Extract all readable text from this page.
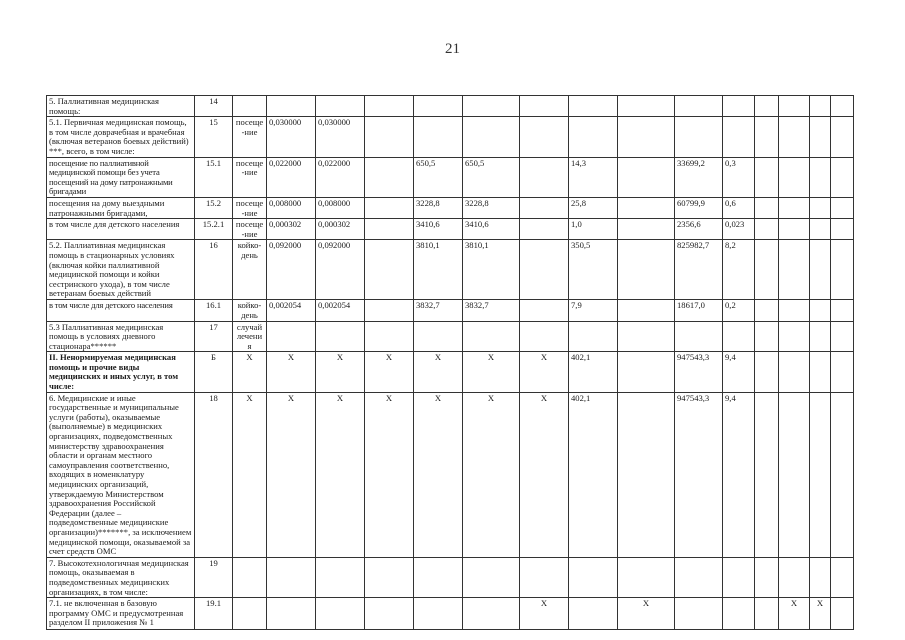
21
5. Паллиативная медицинская помощь:	14															
5.1. Первичная медицинская помощь, в том числе доврачебная и врачебная (включая ветеранов боевых действий) ***, всего, в том числе:	15	посеще-ние	0,030000	0,030000												
посещение по паллиативной медицинской помощи без учета посещений на дому патронажными бригадами	15.1	посеще-ние	0,022000	0,022000		650,5	650,5		14,3		33699,2	0,3				
посещения на дому выездными патронажными бригадами,	15.2	посеще-ние	0,008000	0,008000		3228,8	3228,8		25,8		60799,9	0,6				
в том числе для детского населения	15.2.1	посеще-ние	0,000302	0,000302		3410,6	3410,6		1,0		2356,6	0,023				
5.2. Паллиативная медицинская помощь в стационарных условиях (включая койки паллиативной медицинской помощи и койки сестринского ухода), в том числе ветеранам боевых действий	16	койко-день	0,092000	0,092000		3810,1	3810,1		350,5		825982,7	8,2				
в том числе для детского населения	16.1	койко-день	0,002054	0,002054		3832,7	3832,7		7,9		18617,0	0,2				
5.3 Паллиативная медицинская помощь в условиях дневного стационара******	17	случай лечения														
II. Ненормируемая медицинская помощь и прочие виды медицинских и иных услуг, в том числе:	Б	Х	Х	Х	Х	Х	Х	Х	402,1		947543,3	9,4				
6. Медицинские и иные государственные и муниципальные услуги (работы), оказываемые (выполняемые) в медицинских организациях, подведомственных министерству здравоохранения области и органам местного самоуправления соответственно, входящих в номенклатуру медицинских организаций, утверждаемую Министерством здравоохранения Российской Федерации (далее – подведомственные медицинские организации)*******, за исключением медицинской помощи, оказываемой за счет средств ОМС	18	Х	Х	Х	Х	Х	Х	Х	402,1		947543,3	9,4				
7. Высокотехнологичная медицинская помощь, оказываемая в подведомственных медицинских организациях, в том числе:	19															
7.1. не включенная в базовую программу ОМС и предусмотренная разделом II приложения № 1	19.1							Х		Х				Х	Х	
